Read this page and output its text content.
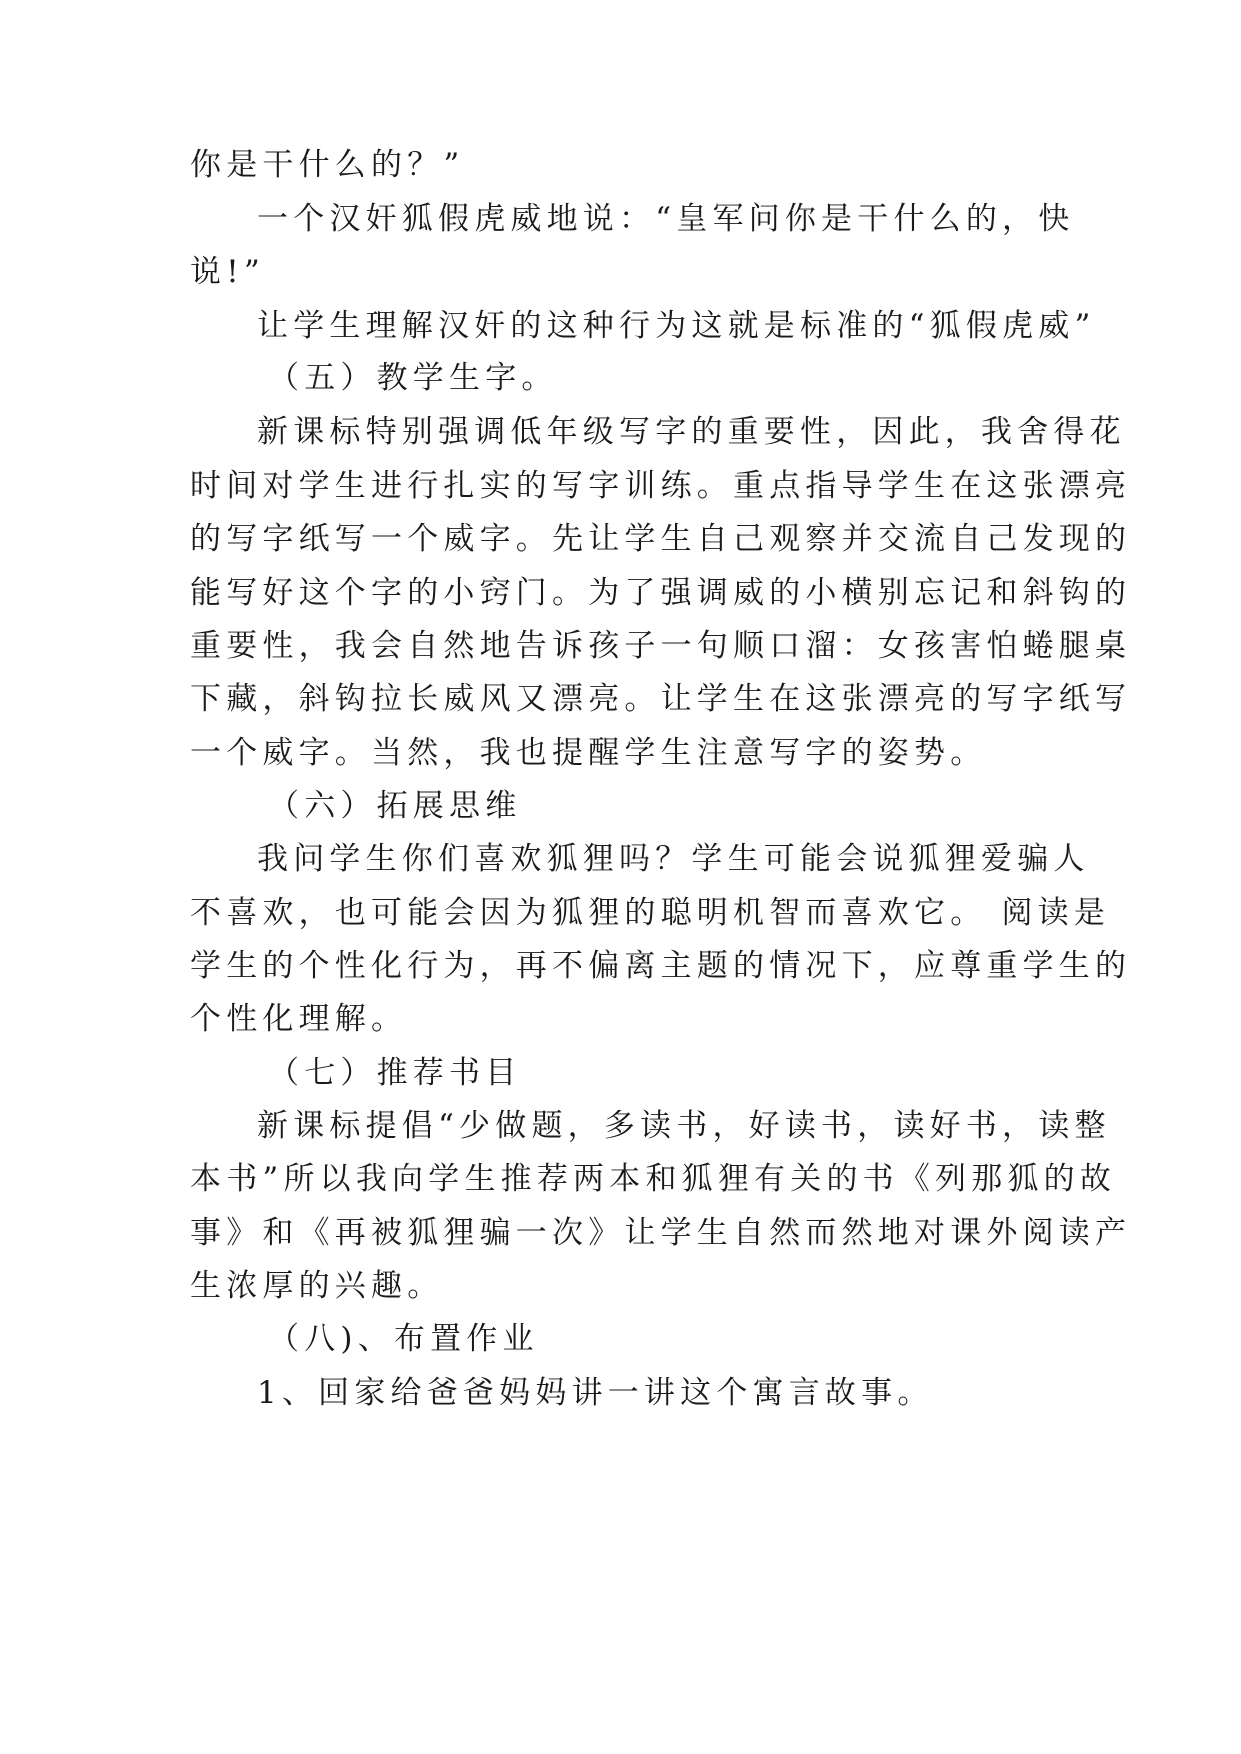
你是干什么的？”
一个汉奸狐假虎威地说：“皇军问你是干什么的，快
说!”
让学生理解汉奸的这种行为这就是标准的“狐假虎威”
（五）教学生字。
新课标特别强调低年级写字的重要性，因此，我舍得花
时间对学生进行扎实的写字训练。重点指导学生在这张漂亮
的写字纸写一个威字。先让学生自己观察并交流自己发现的
能写好这个字的小窍门。为了强调威的小横别忘记和斜钩的
重要性，我会自然地告诉孩子一句顺口溜：女孩害怕蜷腿桌
下藏，斜钩拉长威风又漂亮。让学生在这张漂亮的写字纸写
一个威字。当然，我也提醒学生注意写字的姿势。
（六）拓展思维
我问学生你们喜欢狐狸吗？学生可能会说狐狸爱骗人
不喜欢，也可能会因为狐狸的聪明机智而喜欢它。 阅读是
学生的个性化行为，再不偏离主题的情况下，应尊重学生的
个性化理解。
（七）推荐书目
新课标提倡“少做题，多读书，好读书，读好书，读整
本书”所以我向学生推荐两本和狐狸有关的书《列那狐的故
事》和《再被狐狸骗一次》让学生自然而然地对课外阅读产
生浓厚的兴趣。
（八)、布置作业
1、回家给爸爸妈妈讲一讲这个寓言故事。
